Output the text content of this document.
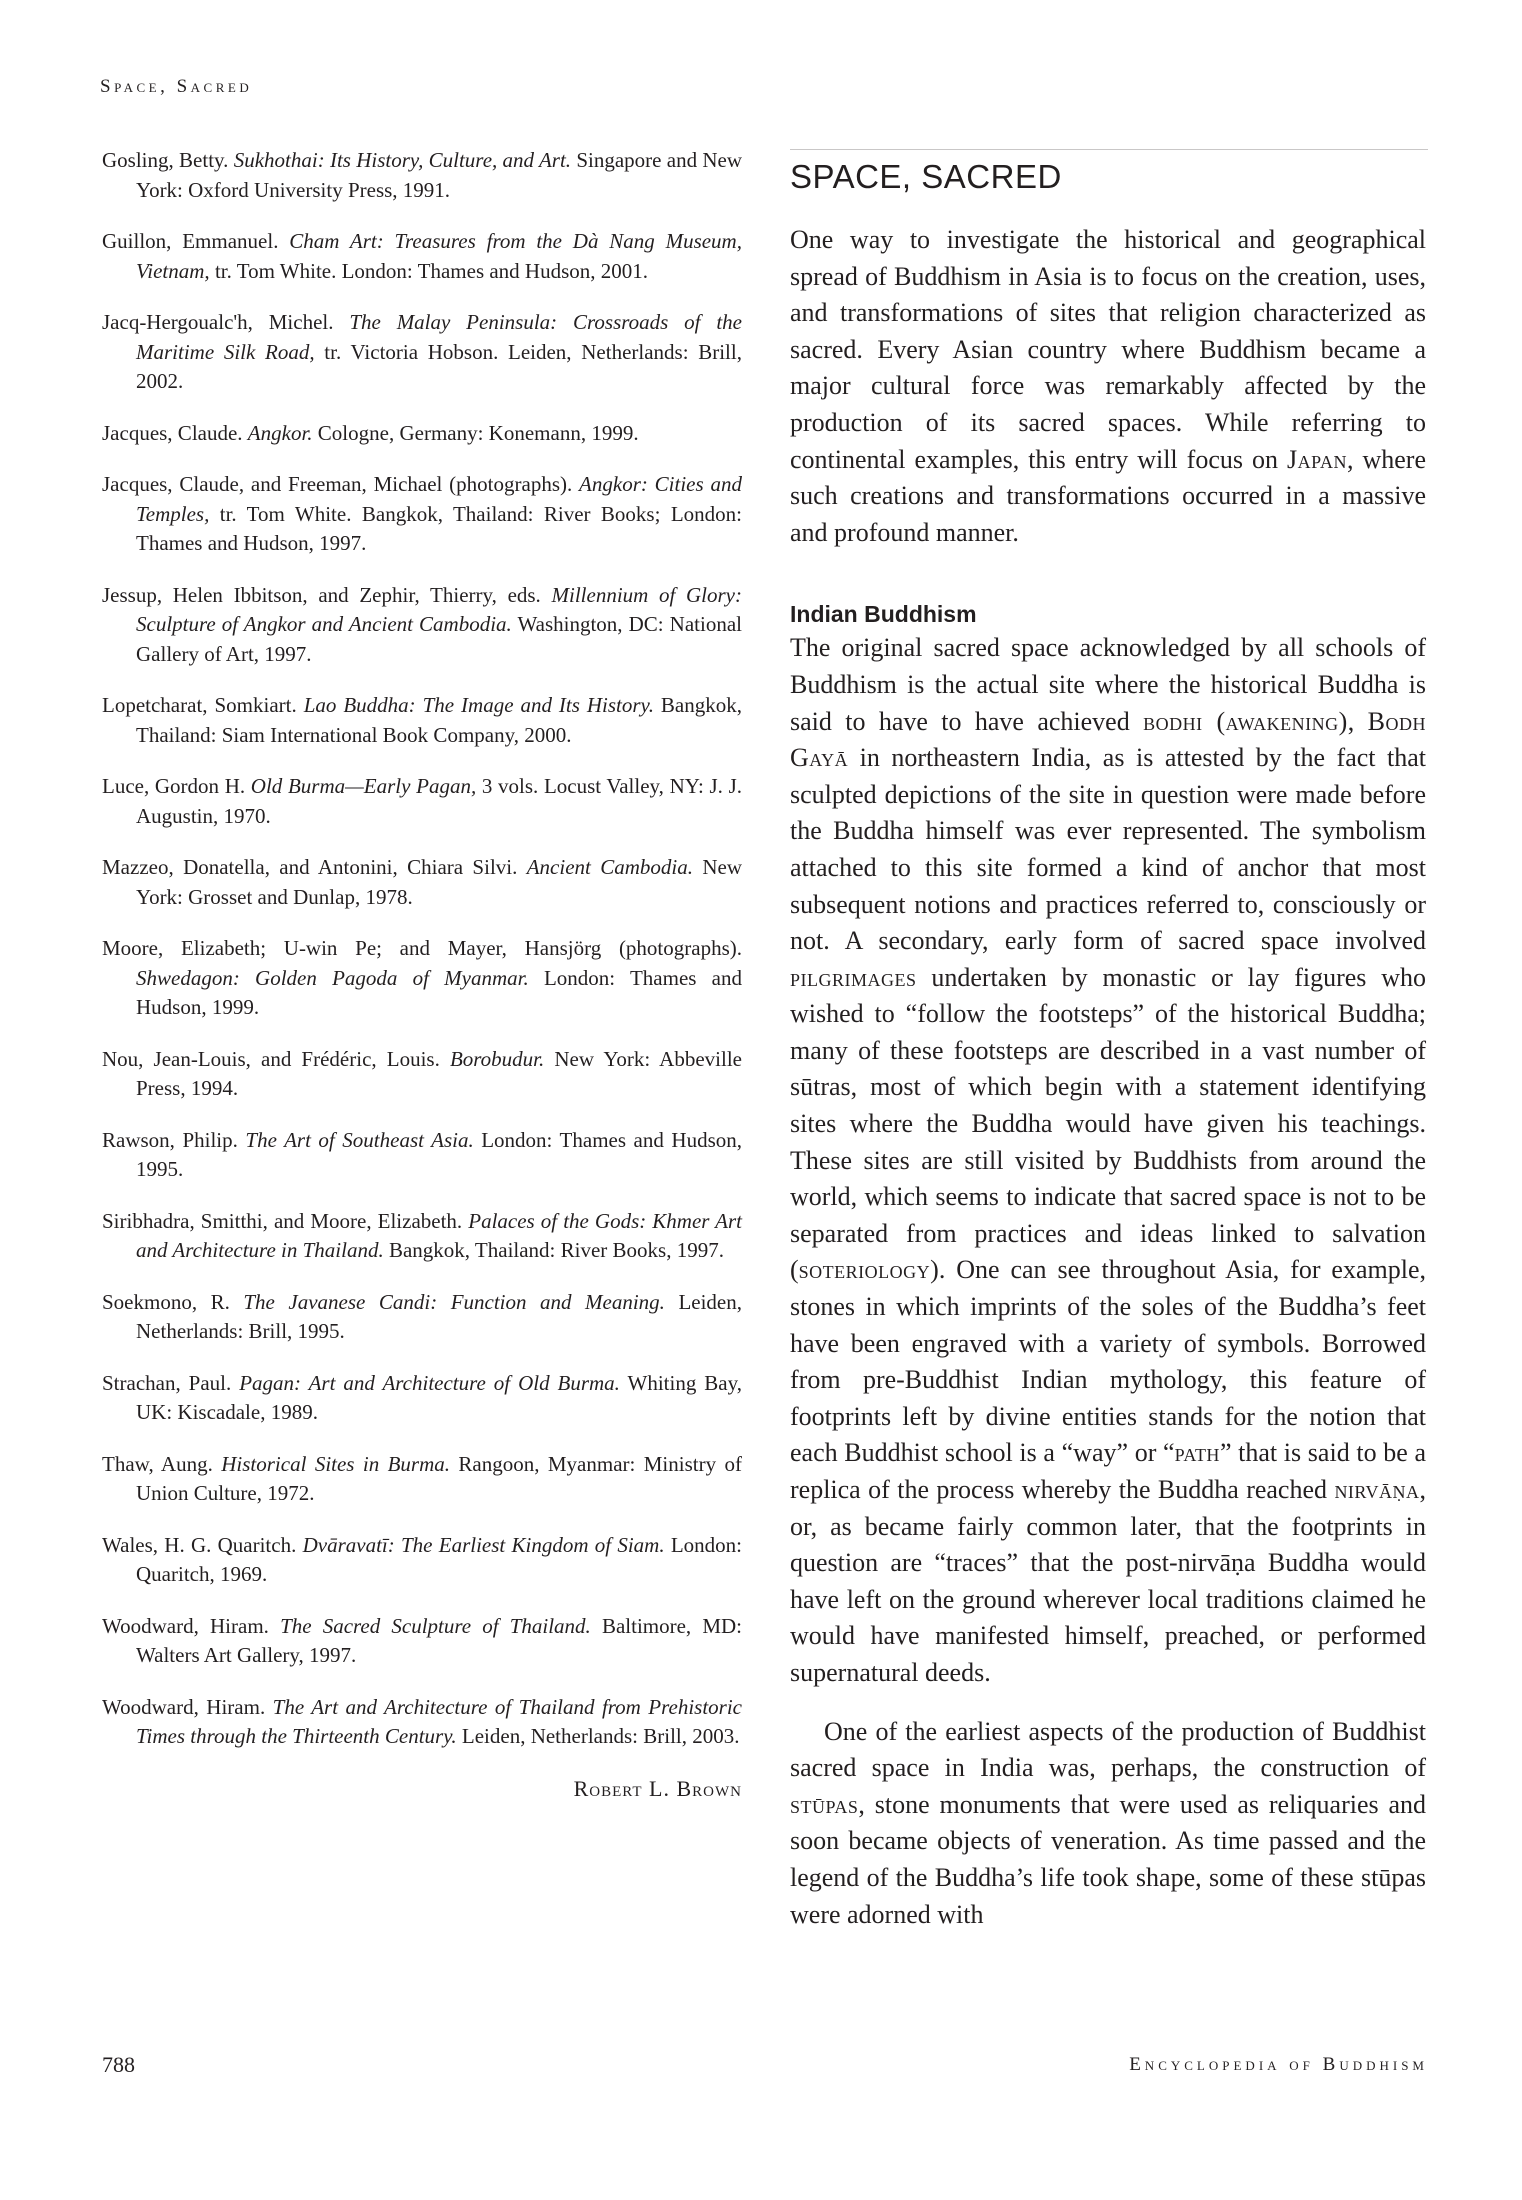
Space, Sacred

Gosling, Betty. Sukhothai: Its History, Culture, and Art. Singapore and New York: Oxford University Press, 1991.

Guillon, Emmanuel. Cham Art: Treasures from the Dà Nang Museum, Vietnam, tr. Tom White. London: Thames and Hudson, 2001.

Jacq-Hergoualc'h, Michel. The Malay Peninsula: Crossroads of the Maritime Silk Road, tr. Victoria Hobson. Leiden, Netherlands: Brill, 2002.

Jacques, Claude. Angkor. Cologne, Germany: Konemann, 1999.

Jacques, Claude, and Freeman, Michael (photographs). Angkor: Cities and Temples, tr. Tom White. Bangkok, Thailand: River Books; London: Thames and Hudson, 1997.

Jessup, Helen Ibbitson, and Zephir, Thierry, eds. Millennium of Glory: Sculpture of Angkor and Ancient Cambodia. Washington, DC: National Gallery of Art, 1997.

Lopetcharat, Somkiart. Lao Buddha: The Image and Its History. Bangkok, Thailand: Siam International Book Company, 2000.

Luce, Gordon H. Old Burma—Early Pagan, 3 vols. Locust Valley, NY: J. J. Augustin, 1970.

Mazzeo, Donatella, and Antonini, Chiara Silvi. Ancient Cambodia. New York: Grosset and Dunlap, 1978.

Moore, Elizabeth; U-win Pe; and Mayer, Hansjörg (photographs). Shwedagon: Golden Pagoda of Myanmar. London: Thames and Hudson, 1999.

Nou, Jean-Louis, and Frédéric, Louis. Borobudur. New York: Abbeville Press, 1994.

Rawson, Philip. The Art of Southeast Asia. London: Thames and Hudson, 1995.

Siribhadra, Smitthi, and Moore, Elizabeth. Palaces of the Gods: Khmer Art and Architecture in Thailand. Bangkok, Thailand: River Books, 1997.

Soekmono, R. The Javanese Candi: Function and Meaning. Leiden, Netherlands: Brill, 1995.

Strachan, Paul. Pagan: Art and Architecture of Old Burma. Whiting Bay, UK: Kiscadale, 1989.

Thaw, Aung. Historical Sites in Burma. Rangoon, Myanmar: Ministry of Union Culture, 1972.

Wales, H. G. Quaritch. Dvāravatī: The Earliest Kingdom of Siam. London: Quaritch, 1969.

Woodward, Hiram. The Sacred Sculpture of Thailand. Baltimore, MD: Walters Art Gallery, 1997.

Woodward, Hiram. The Art and Architecture of Thailand from Prehistoric Times through the Thirteenth Century. Leiden, Netherlands: Brill, 2003.

Robert L. Brown
SPACE, SACRED

One way to investigate the historical and geographical spread of Buddhism in Asia is to focus on the creation, uses, and transformations of sites that religion characterized as sacred. Every Asian country where Buddhism became a major cultural force was remarkably affected by the production of its sacred spaces. While referring to continental examples, this entry will focus on Japan, where such creations and transformations occurred in a massive and profound manner.

Indian Buddhism

The original sacred space acknowledged by all schools of Buddhism is the actual site where the historical Buddha is said to have to have achieved bodhi (awakening), Bodh Gayā in northeastern India, as is attested by the fact that sculpted depictions of the site in question were made before the Buddha himself was ever represented. The symbolism attached to this site formed a kind of anchor that most subsequent notions and practices referred to, consciously or not. A secondary, early form of sacred space involved pilgrimages undertaken by monastic or lay figures who wished to “follow the footsteps” of the historical Buddha; many of these footsteps are described in a vast number of sūtras, most of which begin with a statement identifying sites where the Buddha would have given his teachings. These sites are still visited by Buddhists from around the world, which seems to indicate that sacred space is not to be separated from practices and ideas linked to salvation (soteriology). One can see throughout Asia, for example, stones in which imprints of the soles of the Buddha’s feet have been engraved with a variety of symbols. Borrowed from pre-Buddhist Indian mythology, this feature of footprints left by divine entities stands for the notion that each Buddhist school is a “way” or “path” that is said to be a replica of the process whereby the Buddha reached nirvāṇa, or, as became fairly common later, that the footprints in question are “traces” that the post-nirvāṇa Buddha would have left on the ground wherever local traditions claimed he would have manifested himself, preached, or performed supernatural deeds.

One of the earliest aspects of the production of Buddhist sacred space in India was, perhaps, the construction of stūpas, stone monuments that were used as reliquaries and soon became objects of veneration. As time passed and the legend of the Buddha’s life took shape, some of these stūpas were adorned with

788	Encyclopedia of Buddhism
